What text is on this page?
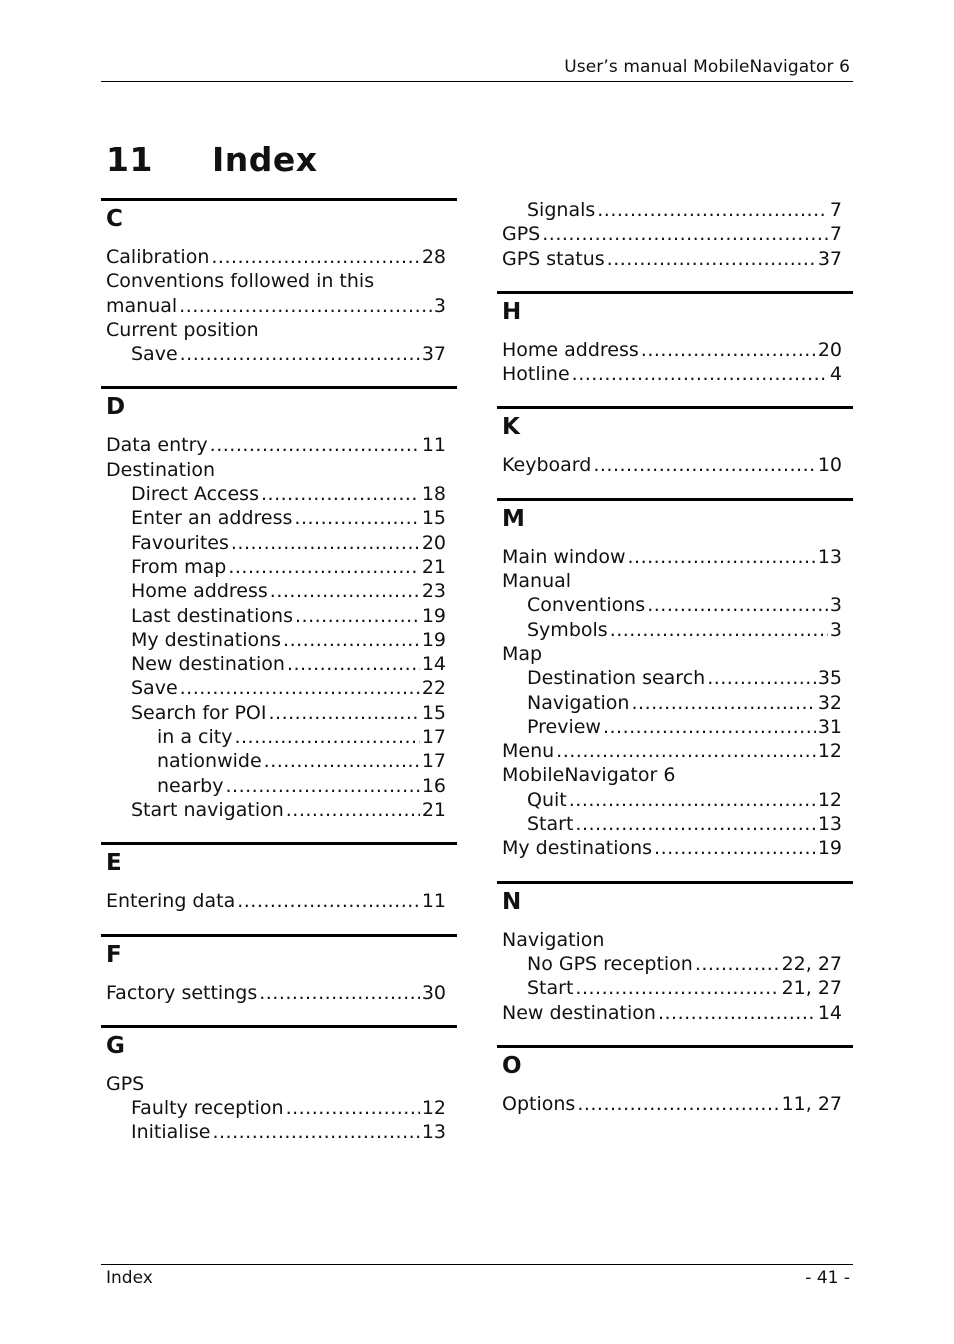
User’s manual MobileNavigator 6
11 Index
C
Calibration .....	28
Conventions followed in this
manual .....	3
Current position
Save .....	37
D
Data entry .....	11
Destination
Direct Access .....	18
Enter an address .....	15
Favourites .....	20
From map .....	21
Home address .....	23
Last destinations .....	19
My destinations .....	19
New destination .....	14
Save .....	22
Search for POI .....	15
in a city .....	17
nationwide .....	17
nearby .....	16
Start navigation .....	21
E
Entering data .....	11
F
Factory settings .....	30
G
GPS
Faulty reception .....	12
Initialise .....	13
Signals .....	7
GPS .....	7
GPS status .....	37
H
Home address .....	20
Hotline .....	4
K
Keyboard .....	10
M
Main window .....	13
Manual
Conventions .....	3
Symbols .....	3
Map
Destination search .....	35
Navigation .....	32
Preview .....	31
Menu .....	12
MobileNavigator 6
Quit .....	12
Start .....	13
My destinations .....	19
N
Navigation
No GPS reception .....	22, 27
Start .....	21, 27
New destination .....	14
O
Options .....	11, 27
Index	- 41 -
